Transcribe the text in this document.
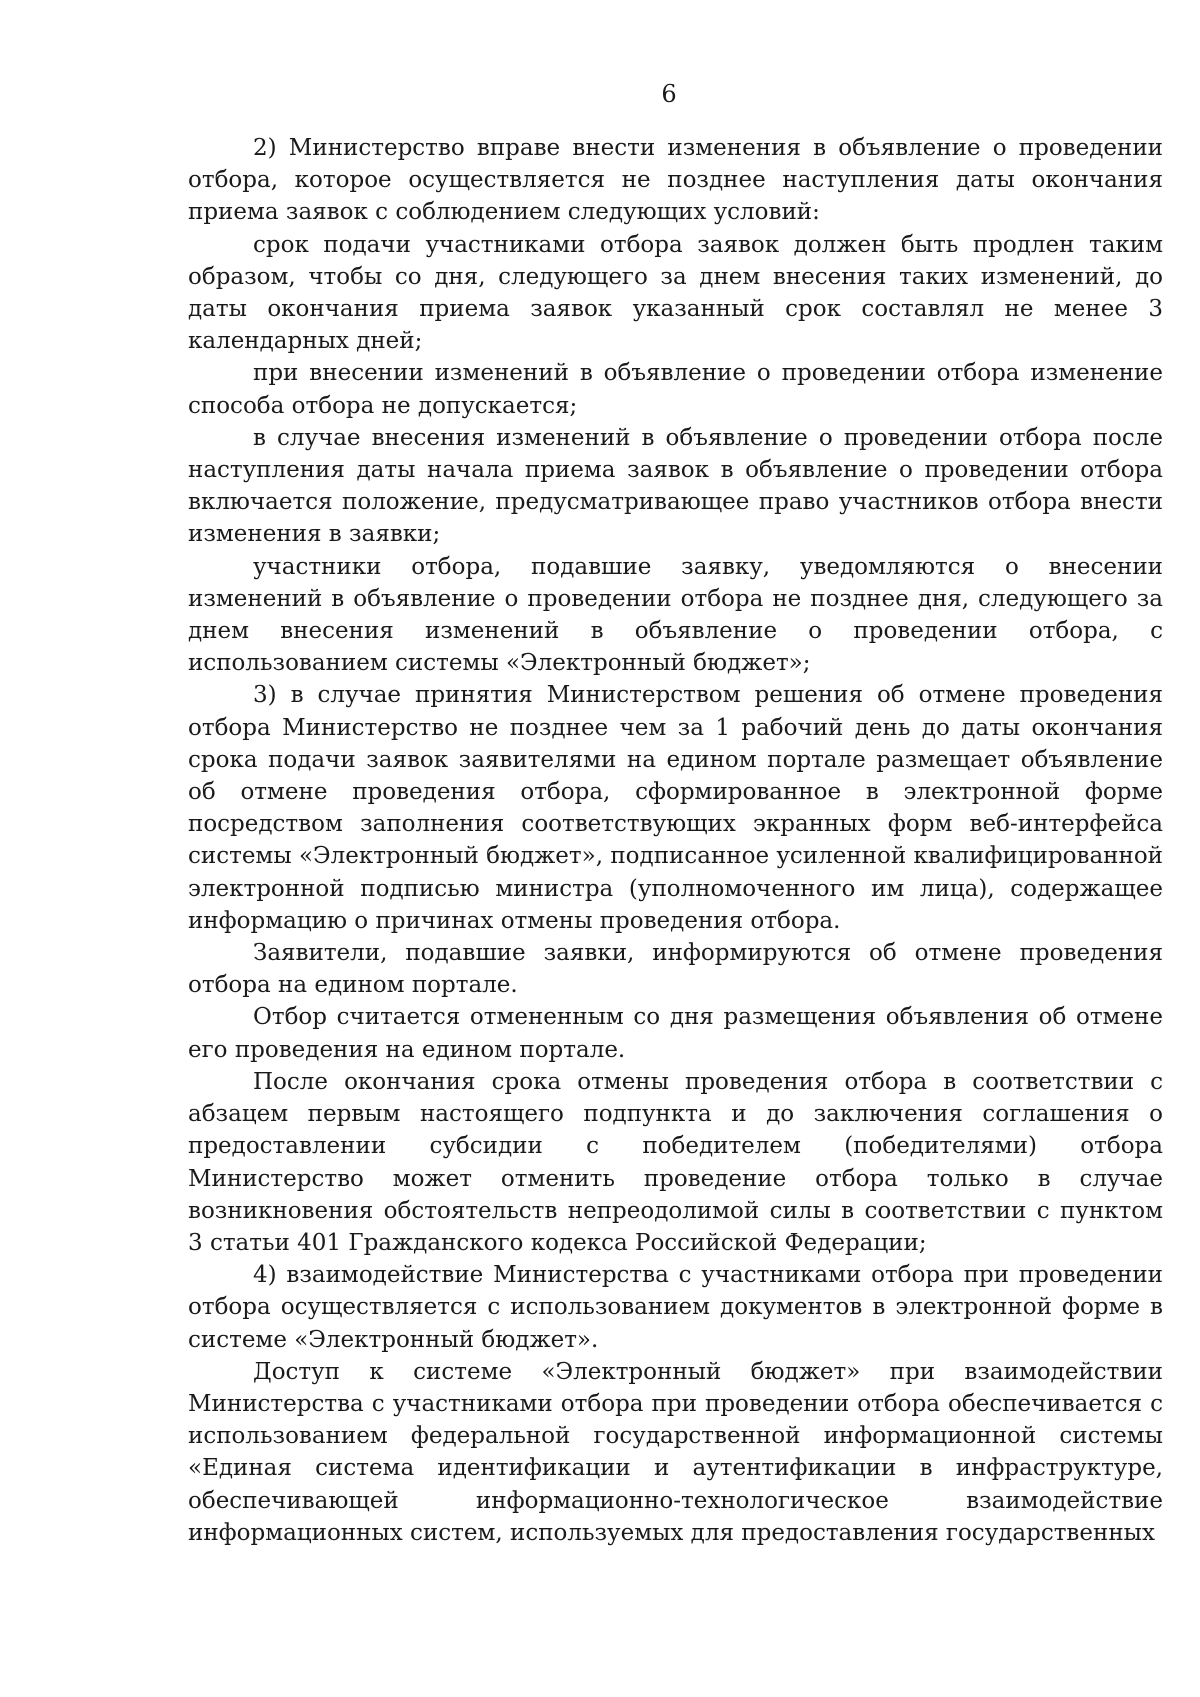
6

2) Министерство вправе внести изменения в объявление о проведении отбора, которое осуществляется не позднее наступления даты окончания приема заявок с соблюдением следующих условий:

срок подачи участниками отбора заявок должен быть продлен таким образом, чтобы со дня, следующего за днем внесения таких изменений, до даты окончания приема заявок указанный срок составлял не менее 3 календарных дней;

при внесении изменений в объявление о проведении отбора изменение способа отбора не допускается;

в случае внесения изменений в объявление о проведении отбора после наступления даты начала приема заявок в объявление о проведении отбора включается положение, предусматривающее право участников отбора внести изменения в заявки;

участники отбора, подавшие заявку, уведомляются о внесении изменений в объявление о проведении отбора не позднее дня, следующего за днем внесения изменений в объявление о проведении отбора, с использованием системы «Электронный бюджет»;

3) в случае принятия Министерством решения об отмене проведения отбора Министерство не позднее чем за 1 рабочий день до даты окончания срока подачи заявок заявителями на едином портале размещает объявление об отмене проведения отбора, сформированное в электронной форме посредством заполнения соответствующих экранных форм веб-интерфейса системы «Электронный бюджет», подписанное усиленной квалифицированной электронной подписью министра (уполномоченного им лица), содержащее информацию о причинах отмены проведения отбора.

Заявители, подавшие заявки, информируются об отмене проведения отбора на едином портале.

Отбор считается отмененным со дня размещения объявления об отмене его проведения на едином портале.

После окончания срока отмены проведения отбора в соответствии с абзацем первым настоящего подпункта и до заключения соглашения о предоставлении субсидии с победителем (победителями) отбора Министерство может отменить проведение отбора только в случае возникновения обстоятельств непреодолимой силы в соответствии с пунктом 3 статьи 401 Гражданского кодекса Российской Федерации;

4) взаимодействие Министерства с участниками отбора при проведении отбора осуществляется с использованием документов в электронной форме в системе «Электронный бюджет».

Доступ к системе «Электронный бюджет» при взаимодействии Министерства с участниками отбора при проведении отбора обеспечивается с использованием федеральной государственной информационной системы «Единая система идентификации и аутентификации в инфраструктуре, обеспечивающей информационно-технологическое взаимодействие информационных систем, используемых для предоставления государственных
